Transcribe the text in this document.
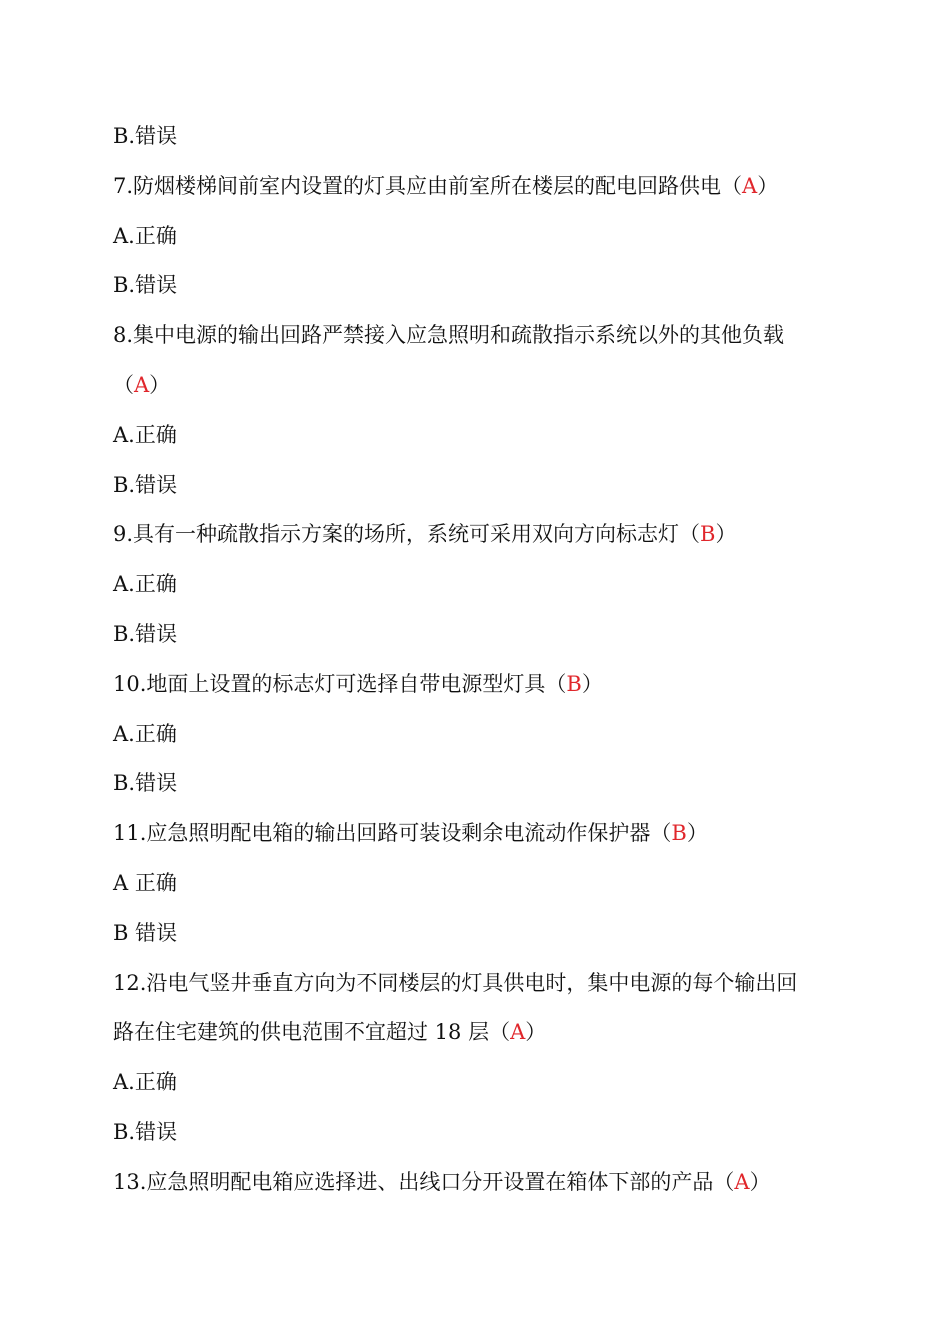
B.错误
7.防烟楼梯间前室内设置的灯具应由前室所在楼层的配电回路供电（A）
A.正确
B.错误
8.集中电源的输出回路严禁接入应急照明和疏散指示系统以外的其他负载
（A）
A.正确
B.错误
9.具有一种疏散指示方案的场所，系统可采用双向方向标志灯（B）
A.正确
B.错误
10.地面上设置的标志灯可选择自带电源型灯具（B）
A.正确
B.错误
11.应急照明配电箱的输出回路可装设剩余电流动作保护器（B）
A 正确
B 错误
12.沿电气竖井垂直方向为不同楼层的灯具供电时，集中电源的每个输出回
路在住宅建筑的供电范围不宜超过 18 层（A）
A.正确
B.错误
13.应急照明配电箱应选择进、出线口分开设置在箱体下部的产品（A）
